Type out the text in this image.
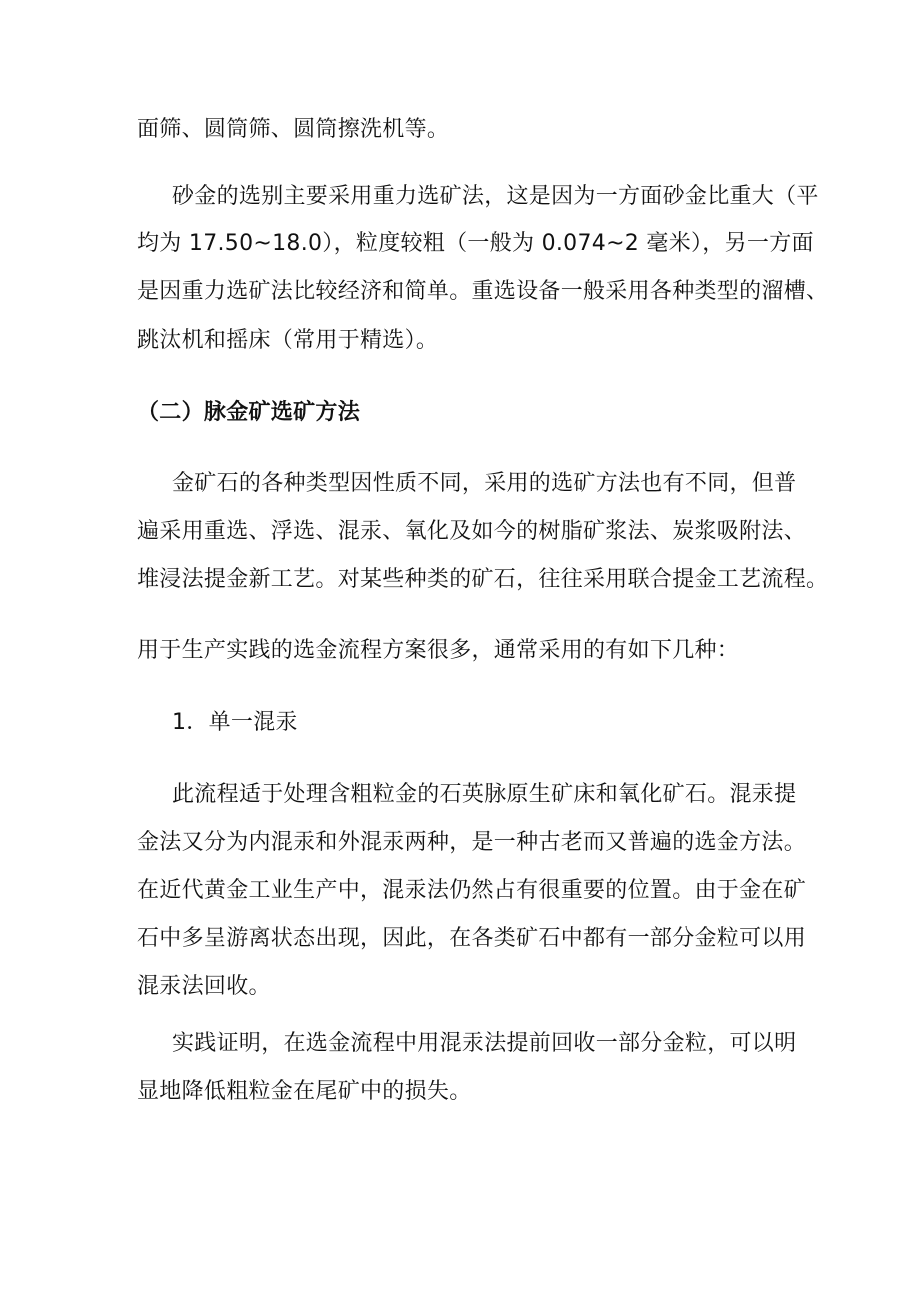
面筛、圆筒筛、圆筒擦洗机等。
砂金的选别主要采用重力选矿法，这是因为一方面砂金比重大（平
均为 17.50~18.0），粒度较粗（一般为 0.074~2 毫米），另一方面
是因重力选矿法比较经济和简单。重选设备一般采用各种类型的溜槽、
跳汰机和摇床（常用于精选）。
（二）脉金矿选矿方法
金矿石的各种类型因性质不同，采用的选矿方法也有不同，但普
遍采用重选、浮选、混汞、氧化及如今的树脂矿浆法、炭浆吸附法、
堆浸法提金新工艺。对某些种类的矿石，往往采用联合提金工艺流程。
用于生产实践的选金流程方案很多，通常采用的有如下几种：
1．单一混汞
此流程适于处理含粗粒金的石英脉原生矿床和氧化矿石。混汞提
金法又分为内混汞和外混汞两种，是一种古老而又普遍的选金方法。
在近代黄金工业生产中，混汞法仍然占有很重要的位置。由于金在矿
石中多呈游离状态出现，因此，在各类矿石中都有一部分金粒可以用
混汞法回收。
实践证明，在选金流程中用混汞法提前回收一部分金粒，可以明
显地降低粗粒金在尾矿中的损失。
